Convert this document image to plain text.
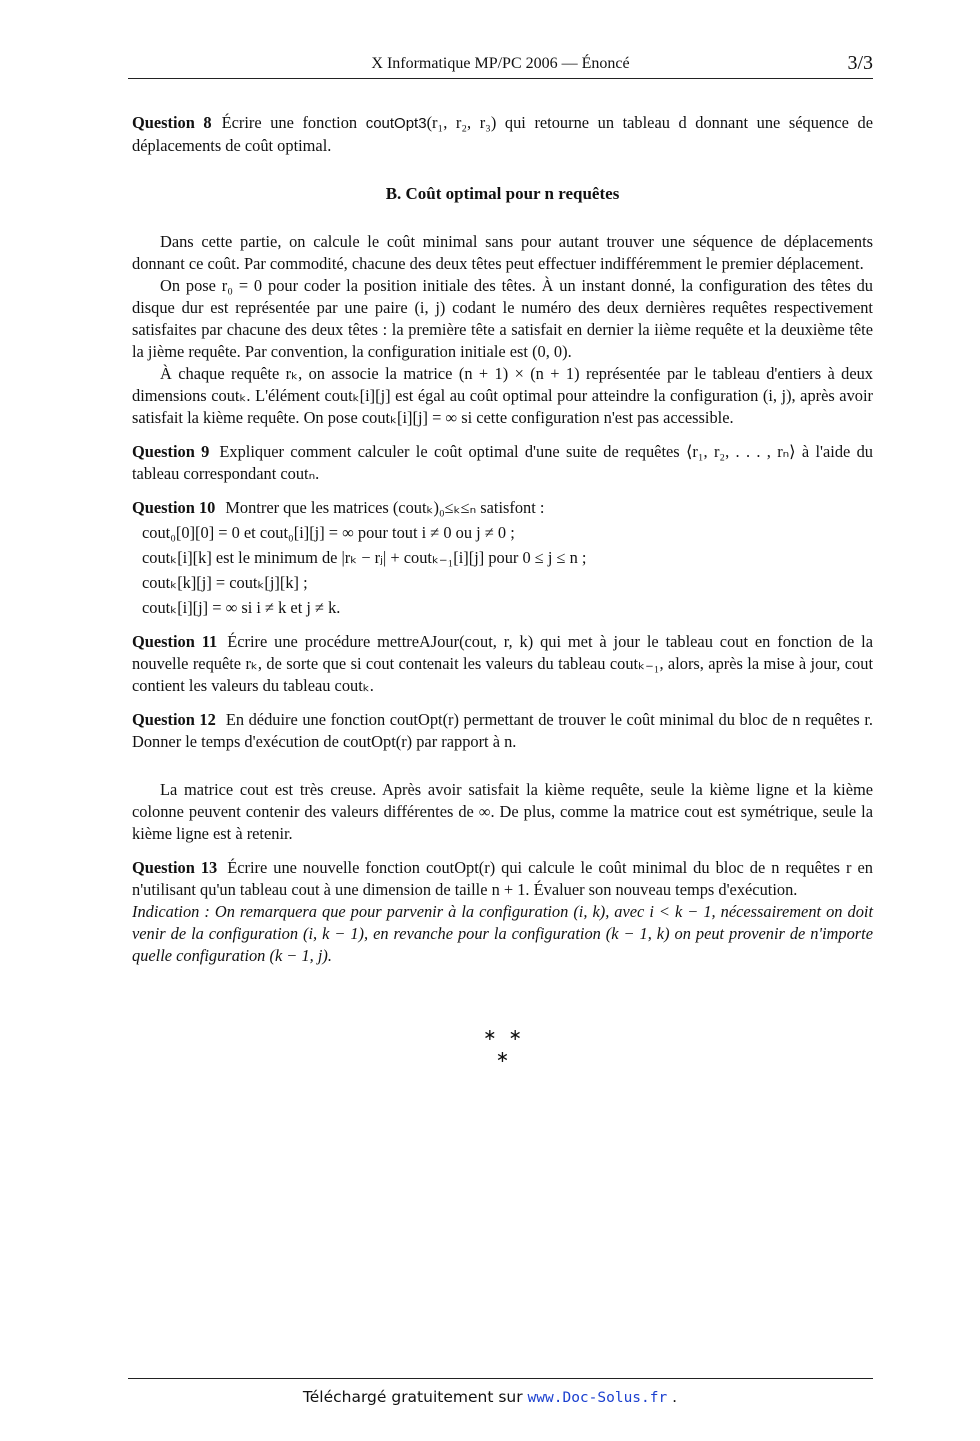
X Informatique MP/PC 2006 — Énoncé	3/3

Question 8 Écrire une fonction coutOpt3(r₁, r₂, r₃) qui retourne un tableau d donnant une séquence de déplacements de coût optimal.

B. Coût optimal pour n requêtes

Dans cette partie, on calcule le coût minimal sans pour autant trouver une séquence de déplacements donnant ce coût. Par commodité, chacune des deux têtes peut effectuer indifféremment le premier déplacement.

On pose r₀ = 0 pour coder la position initiale des têtes. À un instant donné, la configuration des têtes du disque dur est représentée par une paire (i, j) codant le numéro des deux dernières requêtes respectivement satisfaites par chacune des deux têtes : la première tête a satisfait en dernier la iième requête et la deuxième tête la jième requête. Par convention, la configuration initiale est (0, 0).

À chaque requête rₖ, on associe la matrice (n + 1) × (n + 1) représentée par le tableau d'entiers à deux dimensions coutₖ. L'élément coutₖ[i][j] est égal au coût optimal pour atteindre la configuration (i, j), après avoir satisfait la kième requête. On pose coutₖ[i][j] = ∞ si cette configuration n'est pas accessible.

Question 9 Expliquer comment calculer le coût optimal d'une suite de requêtes ⟨r₁, r₂, . . . , rₙ⟩ à l'aide du tableau correspondant coutₙ.

Question 10 Montrer que les matrices (coutₖ)₀≤ₖ≤ₙ satisfont :

cout₀[0][0] = 0 et cout₀[i][j] = ∞ pour tout i ≠ 0 ou j ≠ 0 ;

coutₖ[i][k] est le minimum de |rₖ − rⱼ| + coutₖ₋₁[i][j] pour 0 ≤ j ≤ n ;

coutₖ[k][j] = coutₖ[j][k] ;

coutₖ[i][j] = ∞ si i ≠ k et j ≠ k.

Question 11 Écrire une procédure mettreAJour(cout, r, k) qui met à jour le tableau cout en fonction de la nouvelle requête rₖ, de sorte que si cout contenait les valeurs du tableau coutₖ₋₁, alors, après la mise à jour, cout contient les valeurs du tableau coutₖ.

Question 12 En déduire une fonction coutOpt(r) permettant de trouver le coût minimal du bloc de n requêtes r. Donner le temps d'exécution de coutOpt(r) par rapport à n.

La matrice cout est très creuse. Après avoir satisfait la kième requête, seule la kième ligne et la kième colonne peuvent contenir des valeurs différentes de ∞. De plus, comme la matrice cout est symétrique, seule la kième ligne est à retenir.

Question 13 Écrire une nouvelle fonction coutOpt(r) qui calcule le coût minimal du bloc de n requêtes r en n'utilisant qu'un tableau cout à une dimension de taille n + 1. Évaluer son nouveau temps d'exécution.

Indication : On remarquera que pour parvenir à la configuration (i, k), avec i < k − 1, nécessairement on doit venir de la configuration (i, k − 1), en revanche pour la configuration (k − 1, k) on peut provenir de n'importe quelle configuration (k − 1, j).

∗   ∗
∗
Téléchargé gratuitement sur www.Doc-Solus.fr .
